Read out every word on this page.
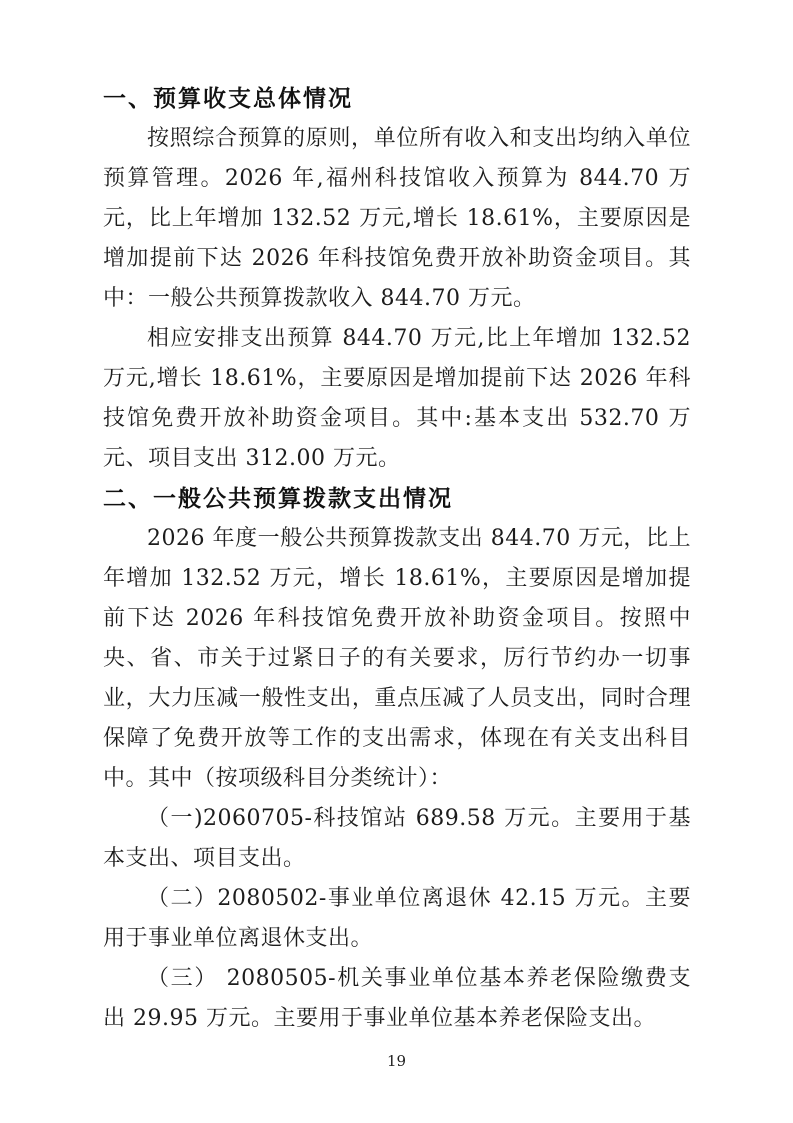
一、预算收支总体情况

按照综合预算的原则，单位所有收入和支出均纳入单位预算管理。2026 年,福州科技馆收入预算为 844.70 万元，比上年增加 132.52 万元,增长 18.61%，主要原因是增加提前下达 2026 年科技馆免费开放补助资金项目。其中：一般公共预算拨款收入 844.70 万元。

相应安排支出预算 844.70 万元,比上年增加 132.52 万元,增长 18.61%，主要原因是增加提前下达 2026 年科技馆免费开放补助资金项目。其中:基本支出 532.70 万元、项目支出 312.00 万元。

二、一般公共预算拨款支出情况

2026 年度一般公共预算拨款支出 844.70 万元，比上年增加 132.52 万元，增长 18.61%，主要原因是增加提前下达 2026 年科技馆免费开放补助资金项目。按照中央、省、市关于过紧日子的有关要求，厉行节约办一切事业，大力压减一般性支出，重点压减了人员支出，同时合理保障了免费开放等工作的支出需求，体现在有关支出科目中。其中（按项级科目分类统计）：

（一)2060705-科技馆站 689.58 万元。主要用于基本支出、项目支出。

（二）2080502-事业单位离退休 42.15 万元。主要用于事业单位离退休支出。

（三） 2080505-机关事业单位基本养老保险缴费支出 29.95 万元。主要用于事业单位基本养老保险支出。

19
